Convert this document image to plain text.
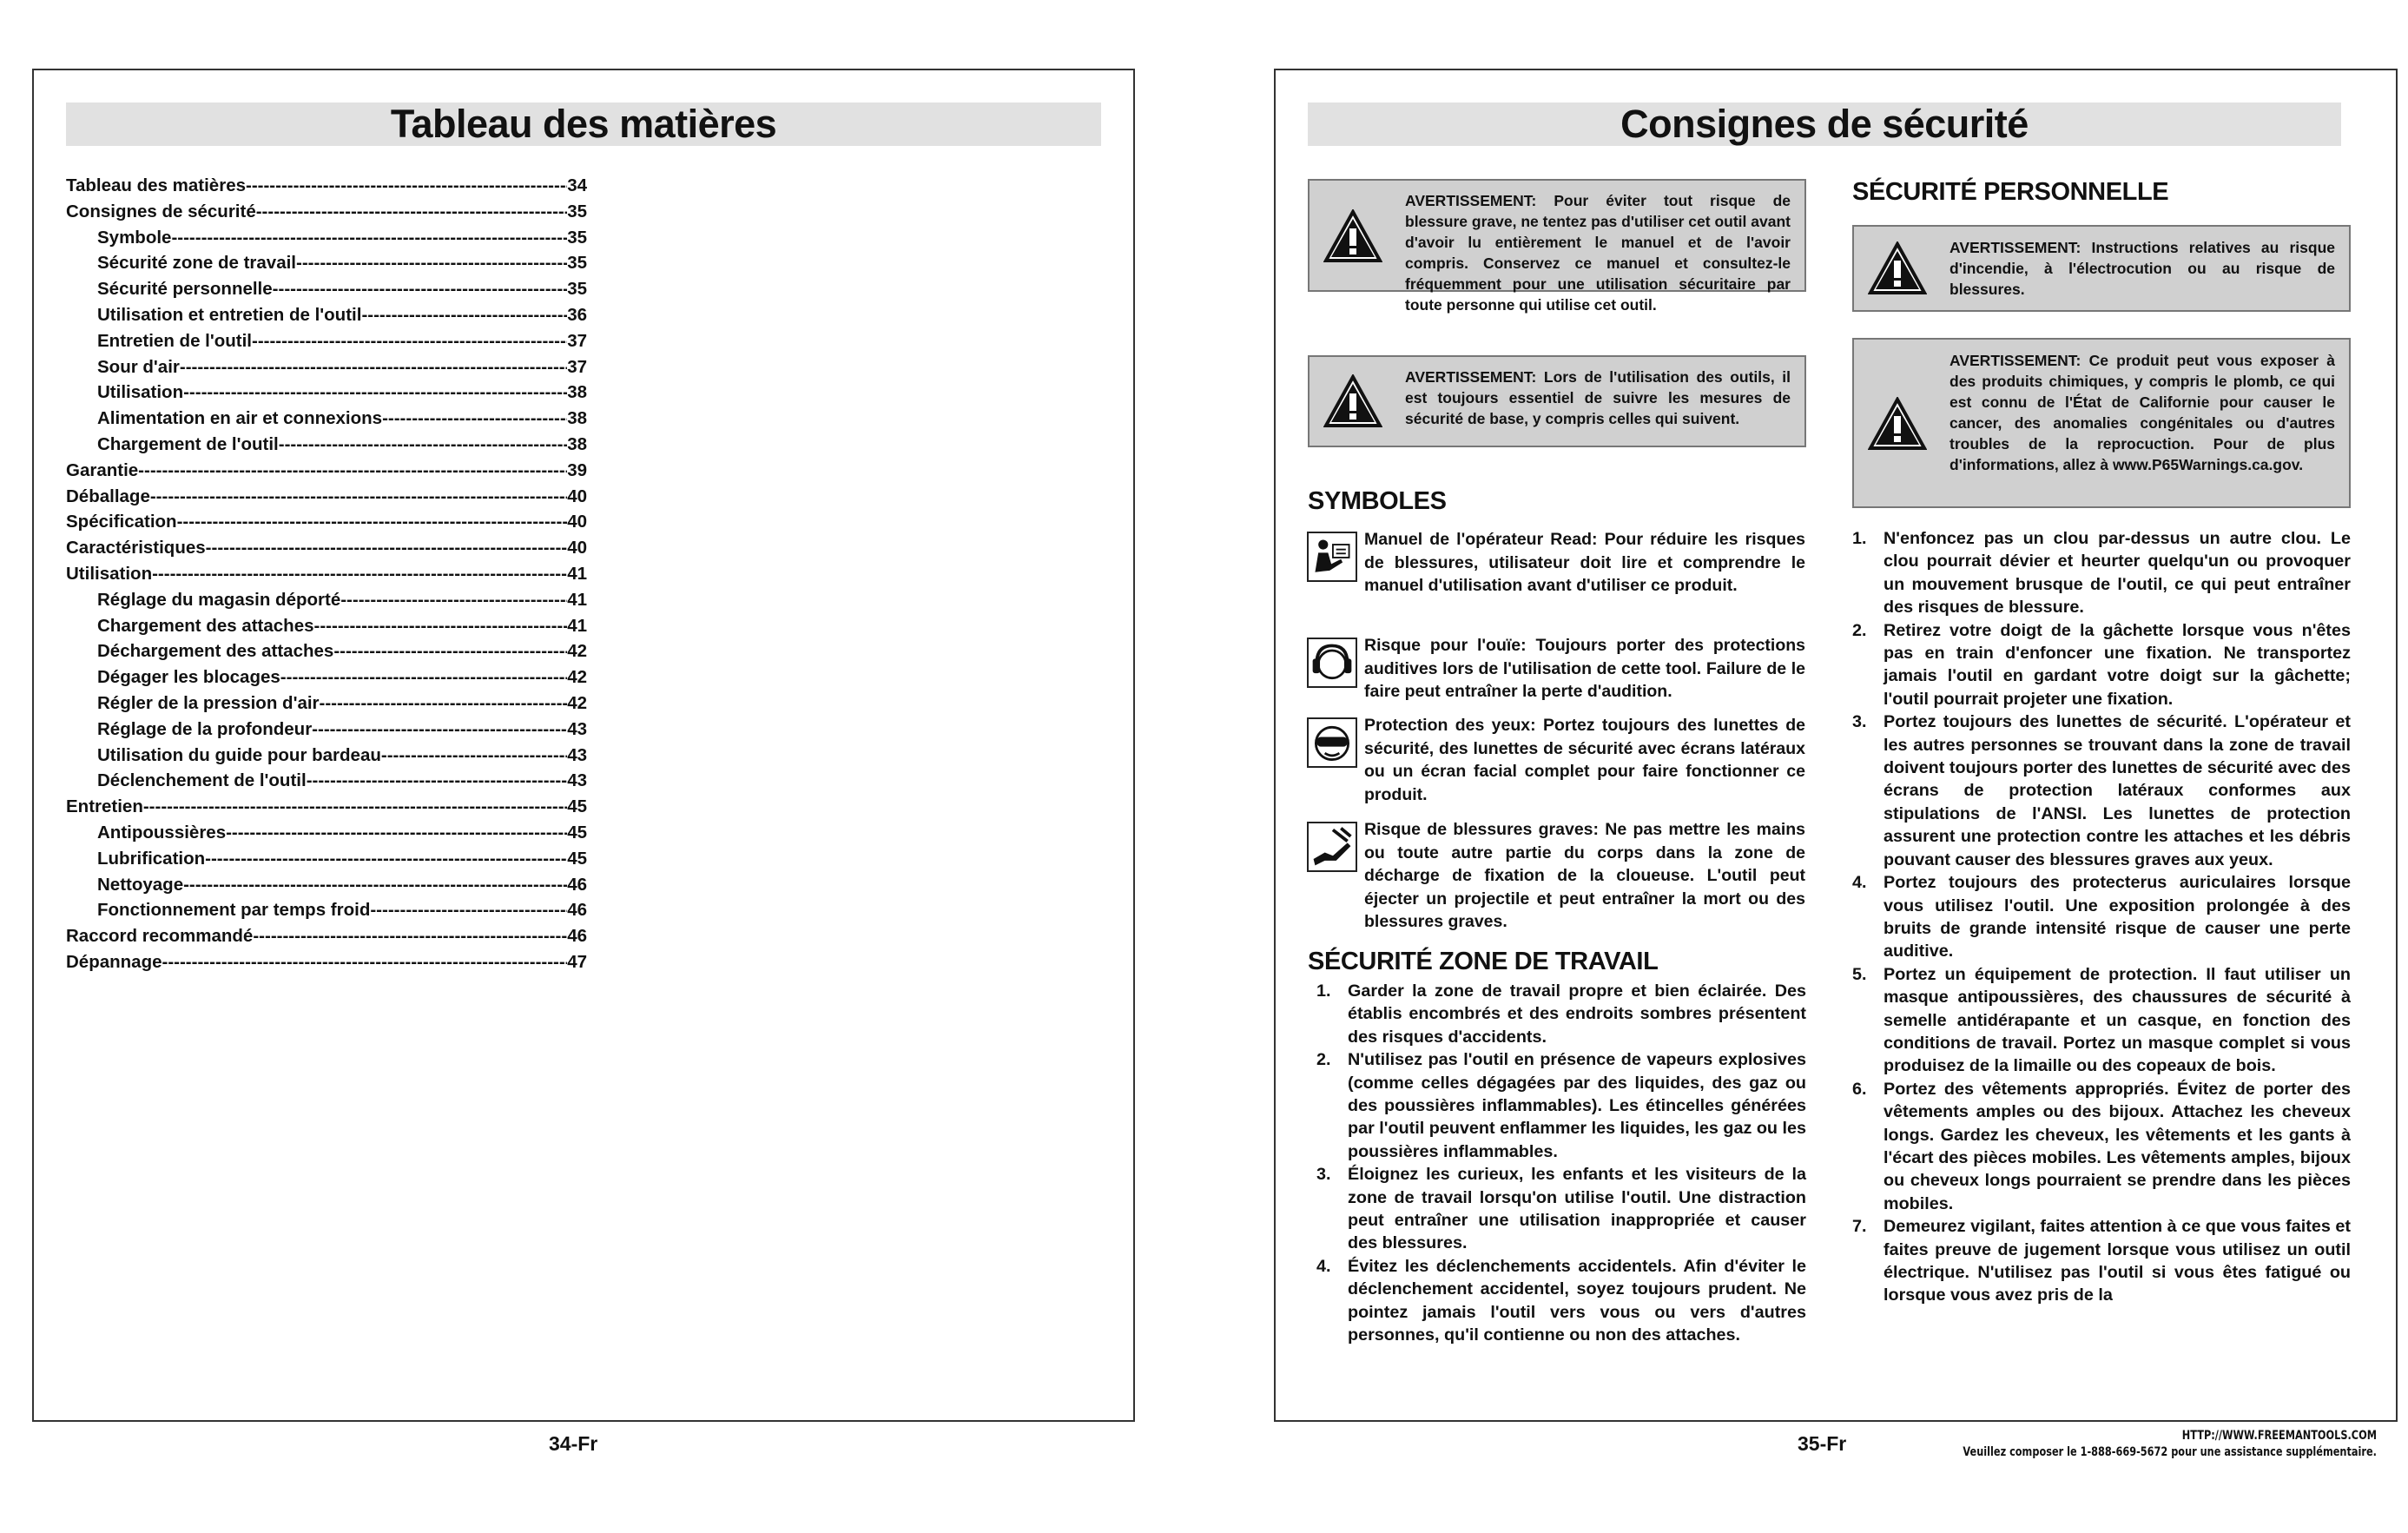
Tableau des matières
Tableau des matières -----	34
Consignes de sécurité -----	35
Symbole -----	35
Sécurité zone de travail -----	35
Sécurité personnelle -----	35
Utilisation et entretien de l'outil -----	36
Entretien de l'outil -----	37
Sour d'air -----	37
Utilisation -----	38
Alimentation en air et connexions -----	38
Chargement de l'outil -----	38
Garantie -----	39
Déballage -----	40
Spécification -----	40
Caractéristiques -----	40
Utilisation -----	41
Réglage du magasin déporté -----	41
Chargement des attaches -----	41
Déchargement des attaches -----	42
Dégager les blocages -----	42
Régler de la pression d'air -----	42
Réglage de la profondeur -----	43
Utilisation du guide pour bardeau -----	43
Déclenchement de l'outil -----	43
Entretien -----	45
Antipoussières -----	45
Lubrification -----	45
Nettoyage -----	46
Fonctionnement par temps froid -----	46
Raccord recommandé -----	46
Dépannage -----	47
34-Fr
Consignes de sécurité
AVERTISSEMENT: Pour éviter tout risque de blessure grave, ne tentez pas d'utiliser cet outil avant d'avoir lu entièrement le manuel et de l'avoir compris. Conservez ce manuel et consultez-le fréquemment pour une utilisation sécuritaire par toute personne qui utilise cet outil.
AVERTISSEMENT: Lors de l'utilisation des outils, il est toujours essentiel de suivre les mesures de sécurité de base, y compris celles qui suivent.
SYMBOLES
Manuel de l'opérateur Read: Pour réduire les risques de blessures, utilisateur doit lire et comprendre le manuel d'utilisation avant d'utiliser ce produit.
Risque pour l'ouïe: Toujours porter des protections auditives lors de l'utilisation de cette tool. Failure de le faire peut entraîner la perte d'audition.
Protection des yeux: Portez toujours des lunettes de sécurité, des lunettes de sécurité avec écrans latéraux ou un écran facial complet pour faire fonctionner ce produit.
Risque de blessures graves: Ne pas mettre les mains ou toute autre partie du corps dans la zone de décharge de fixation de la cloueuse. L'outil peut éjecter un projectile et peut entraîner la mort ou des blessures graves.
SÉCURITÉ ZONE DE TRAVAIL
1. Garder la zone de travail propre et bien éclairée. Des établis encombrés et des endroits sombres présentent des risques d'accidents.
2. N'utilisez pas l'outil en présence de vapeurs explosives (comme celles dégagées par des liquides, des gaz ou des poussières inflammables). Les étincelles générées par l'outil peuvent enflammer les liquides, les gaz ou les poussières inflammables.
3. Éloignez les curieux, les enfants et les visiteurs de la zone de travail lorsqu'on utilise l'outil. Une distraction peut entraîner une utilisation inappropriée et causer des blessures.
4. Évitez les déclenchements accidentels. Afin d'éviter le déclenchement accidentel, soyez toujours prudent. Ne pointez jamais l'outil vers vous ou vers d'autres personnes, qu'il contienne ou non des attaches.
SÉCURITÉ PERSONNELLE
AVERTISSEMENT: Instructions relatives au risque d'incendie, à l'électrocution ou au risque de blessures.
AVERTISSEMENT: Ce produit peut vous exposer à des produits chimiques, y compris le plomb, ce qui est connu de l'État de Californie pour causer le cancer, des anomalies congénitales ou d'autres troubles de la reprocuction. Pour de plus d'informations, allez à www.P65Warnings.ca.gov.
1. N'enfoncez pas un clou par-dessus un autre clou. Le clou pourrait dévier et heurter quelqu'un ou provoquer un mouvement brusque de l'outil, ce qui peut entraîner des risques de blessure.
2. Retirez votre doigt de la gâchette lorsque vous n'êtes pas en train d'enfoncer une fixation. Ne transportez jamais l'outil en gardant votre doigt sur la gâchette; l'outil pourrait projeter une fixation.
3. Portez toujours des lunettes de sécurité. L'opérateur et les autres personnes se trouvant dans la zone de travail doivent toujours porter des lunettes de sécurité avec des écrans de protection latéraux conformes aux stipulations de l'ANSI. Les lunettes de protection assurent une protection contre les attaches et les débris pouvant causer des blessures graves aux yeux.
4. Portez toujours des protecterus auriculaires lorsque vous utilisez l'outil. Une exposition prolongée à des bruits de grande intensité risque de causer une perte auditive.
5. Portez un équipement de protection. Il faut utiliser un masque antipoussières, des chaussures de sécurité à semelle antidérapante et un casque, en fonction des conditions de travail. Portez un masque complet si vous produisez de la limaille ou des copeaux de bois.
6. Portez des vêtements appropriés. Évitez de porter des vêtements amples ou des bijoux. Attachez les cheveux longs. Gardez les cheveux, les vêtements et les gants à l'écart des pièces mobiles. Les vêtements amples, bijoux ou cheveux longs pourraient se prendre dans les pièces mobiles.
7. Demeurez vigilant, faites attention à ce que vous faites et faites preuve de jugement lorsque vous utilisez un outil électrique. N'utilisez pas l'outil si vous êtes fatigué ou lorsque vous avez pris de la
35-Fr	HTTP://WWW.FREEMANTOOLS.COM
Veuillez composer le 1-888-669-5672 pour une assistance supplémentaire.
